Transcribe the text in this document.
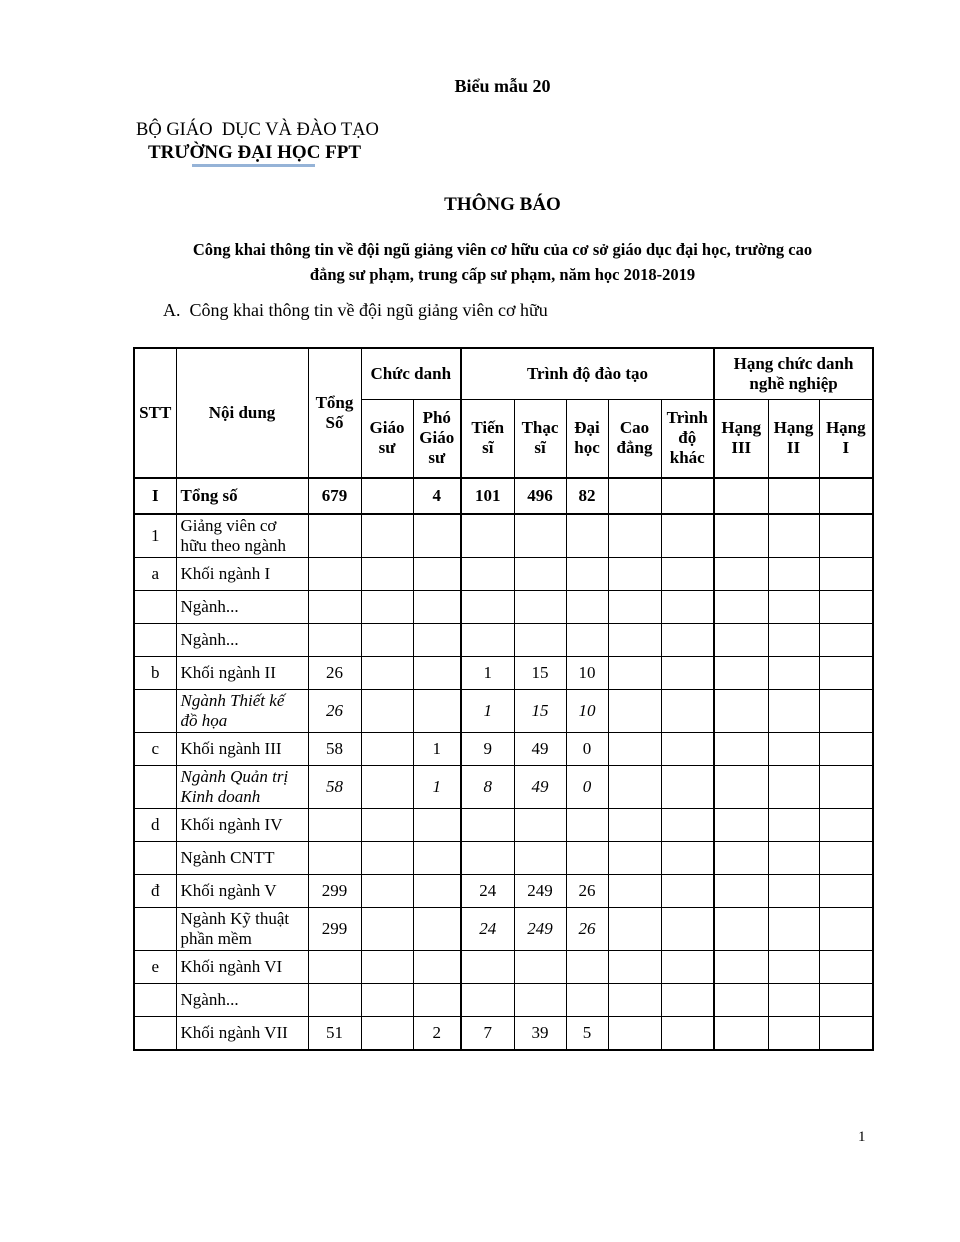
Biểu mẫu 20
BỘ GIÁO  DỤC VÀ ĐÀO TẠO
TRƯỜNG ĐẠI HỌC FPT
THÔNG BÁO
Công khai thông tin về đội ngũ giảng viên cơ hữu của cơ sở giáo dục đại học, trường cao
đẳng sư phạm, trung cấp sư phạm, năm học 2018-2019
A.  Công khai thông tin về đội ngũ giảng viên cơ hữu
STT	Nội dung	Tổng Số	Chức danh		Trình độ đào tạo					Hạng chức danh nghề nghiệp		
			Giáo sư	Phó Giáo sư	Tiến sĩ	Thạc sĩ	Đại học	Cao đẳng	Trình độ khác	Hạng III	Hạng II	Hạng I
I	Tổng số	679		4	101	496	82					
1	Giảng viên cơ hữu theo ngành											
a	Khối ngành I											
	Ngành...											
	Ngành...											
b	Khối ngành II	26			1	15	10					
	Ngành Thiết kế đồ họa	26			1	15	10					
c	Khối ngành III	58		1	9	49	0					
	Ngành Quản trị Kinh doanh	58		1	8	49	0					
d	Khối ngành IV											
	Ngành CNTT											
đ	Khối ngành V	299			24	249	26					
	Ngành Kỹ thuật phần mềm	299			24	249	26					
e	Khối ngành VI											
	Ngành...											
	Khối ngành VII	51		2	7	39	5					
1
